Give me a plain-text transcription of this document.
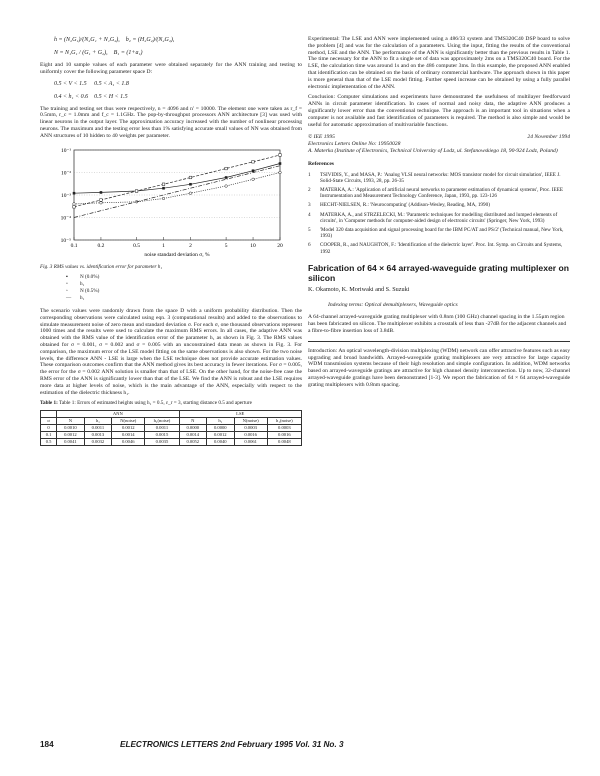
h = (N₂G₁)/(N₂G₁ + N₁G₂),    b₂ = (H₂G₂)/(N₂G₂),
N = N₁G₁ / (G₁ + G₂),    B₁ = (1+a₁)

Eight and 10 sample values of each parameter were obtained separately for the ANN training and testing to uniformly cover the following parameter space D:

0.5 < V < 1.5     0.5 < A₁ < 1.8
0.4 < h₁ < 0.6    0.5 < H < 1.5

The training and testing set thus were respectively, n = 4096 and n' = 10000. The element one were taken as r_f = 0.5mm, r_c = 1.0mm and f_c = 1.1GHz. The pop-by-throughput processors ANN architecture [3] was used with linear neurons in the output layer. The approximation accuracy increased with the number of nonlinear processing neurons. The maximum and the testing error less than 1% satisfying accurate small values of NN was obtained from ANN structures of 10 hidden to 40 weights per parameter.

10⁻¹
10⁻²
10⁻³
10⁻⁴
10⁻⁵
0.1	0.2	0.5	1	2	5	10	20
noise standard deviation σ, %
Fig. 3 RMS values vs. identification error for parameter h₁
▪ N (0.0%)
▫ h₁
◦ N (0.5%)
— h₁

The scenario values were randomly drawn from the space D with a uniform probability distribution. Then the corresponding observations were calculated using eqn. 3 (computational results) and added to the observations to simulate measurement noise of zero mean and standard deviation σ. For each σ, one thousand observations represent 1000 times and the results were used to calculate the maximum RMS errors. In all cases, the adaptive ANN was obtained with the RMS value of the identification error of the parameter h₁ as shown in Fig. 3. The RMS values obtained for σ = 0.001, σ = 0.002 and σ = 0.005 with an unconstrained data mean as shown in Fig. 3. For comparison, the maximum error of the LSE model fitting on the same observations is also shown. For the two noise levels, the difference ANN - LSE is large when the LSE technique does not provide accurate estimation values. These comparison outcomes confirm that the ANN method gives its best accuracy in fewer iterations. For σ = 0.005, the error for the σ = 0.002 ANN solution is smaller than that of LSE. On the other hand, for the noise-free case the RMS error of the ANN is significantly lower than that of the LSE. We find the ANN is robust and the LSE requires more data at higher levels of noise, which is the main advantage of the ANN, especially with respect to the estimation of the dielectric thickness h₁.

Table 1: Table 1: Errors of estimated heights using h₁ = 0.5, ε_r = 3, starting distance 0.5 and aperture
	ANN				LSE			
σ	N	h₁	N(noise)	h₁(noise)	N	h₁	N(noise)	h₁(noise)
0	0.0010	0.0011	0.0012	0.0011	0.0000	0.0000	0.0003	0.0003
0.1	0.0012	0.0013	0.0014	0.0015	0.0014	0.0012	0.0016	0.0016
0.5	0.0041	0.0032	0.0046	0.0035	0.0052	0.0040	0.0061	0.0048

Experimental: The LSE and ANN were implemented using a 486/33 system and TMS320C40 DSP board to solve the problem [4] and was for the calculation of a parameters. Using the input, fitting the results of the conventional method, LSE and the ANN. The performance of the ANN is significantly better than the previous results in Table 1. The time necessary for the ANN to fit a single set of data was approximately 2ms on a TMS320C40 board. For the LSE, the calculation time was around 1s and on the 486 computer 3ms. In this example, the proposed ANN enabled that identification can be obtained on the basis of ordinary commercial hardware. The approach shown in this paper is more general than that of the LSE model fitting. Further speed increase can be obtained by using a fully parallel electronic implementation of the ANN.

Conclusion: Computer simulations and experiments have demonstrated the usefulness of multilayer feedforward ANNs in circuit parameter identification. In cases of normal and noisy data, the adaptive ANN produces a significantly lower error than the conventional technique. The approach is an important tool in situations when a computer is not available and fast identification of parameters is required. The method is also simple and would be useful for automatic approximation of multivariable functions.

© IEE 1995	24 November 1994
Electronics Letters Online No: 19950028
A. Materka (Institute of Electronics, Technical University of Lodz, ul. Stefanowskiego 18, 90-924 Lodz, Poland)
References
1	TSIVIDIS, Y., and MASA, P.: 'Analog VLSI neural networks: MOS transistor model for circuit simulation', IEEE J. Solid-State Circuits, 1993, 28, pp. 26-35
2	MATERKA, A.: 'Application of artificial neural networks to parameter estimation of dynamical systems', Proc. IEEE Instrumentation and Measurement Technology Conference, Japan, 1993, pp. 123-126
3	HECHT-NIELSEN, R.: 'Neurocomputing' (Addison-Wesley, Reading, MA, 1990)
4	MATERKA, A., and STRZELECKI, M.: 'Parametric techniques for modelling distributed and lumped elements of circuits', in 'Computer methods for computer-aided design of electronic circuits' (Springer, New York, 1993)
5	'Model 320 data acquisition and signal processing board for the IBM PC/AT and PS/2' (Technical manual, New York, 1993)
6	COOPER, R., and NAUGHTON, F.: 'Identification of the dielectric layer'. Proc. Int. Symp. on Circuits and Systems, 1992
Fabrication of 64 × 64 arrayed-waveguide grating multiplexer on silicon
K. Okamoto, K. Moriwaki and S. Suzuki
Indexing terms: Optical demultiplexers, Waveguide optics
A 64-channel arrayed-waveguide grating multiplexer with 0.8nm (100 GHz) channel spacing in the 1.55μm region has been fabricated on silicon. The multiplexer exhibits a crosstalk of less than -27dB for the adjacent channels and a fibre-to-fibre insertion loss of 3.8dB.

Introduction: An optical wavelength-division multiplexing (WDM) network can offer attractive features such as easy upgrading and broad bandwidth. Arrayed-waveguide grating multiplexers are very attractive for large capacity WDM transmission systems because of their high resolution and simple configuration. In addition, WDM networks based on arrayed-waveguide gratings are attractive for high channel density interconnection. Up to now, 32-channel arrayed-waveguide gratings have been demonstrated [1-3]. We report the fabrication of 64 × 64 arrayed-waveguide grating multiplexers with 0.8nm spacing.

184	ELECTRONICS LETTERS 2nd February 1995 Vol. 31 No. 3
